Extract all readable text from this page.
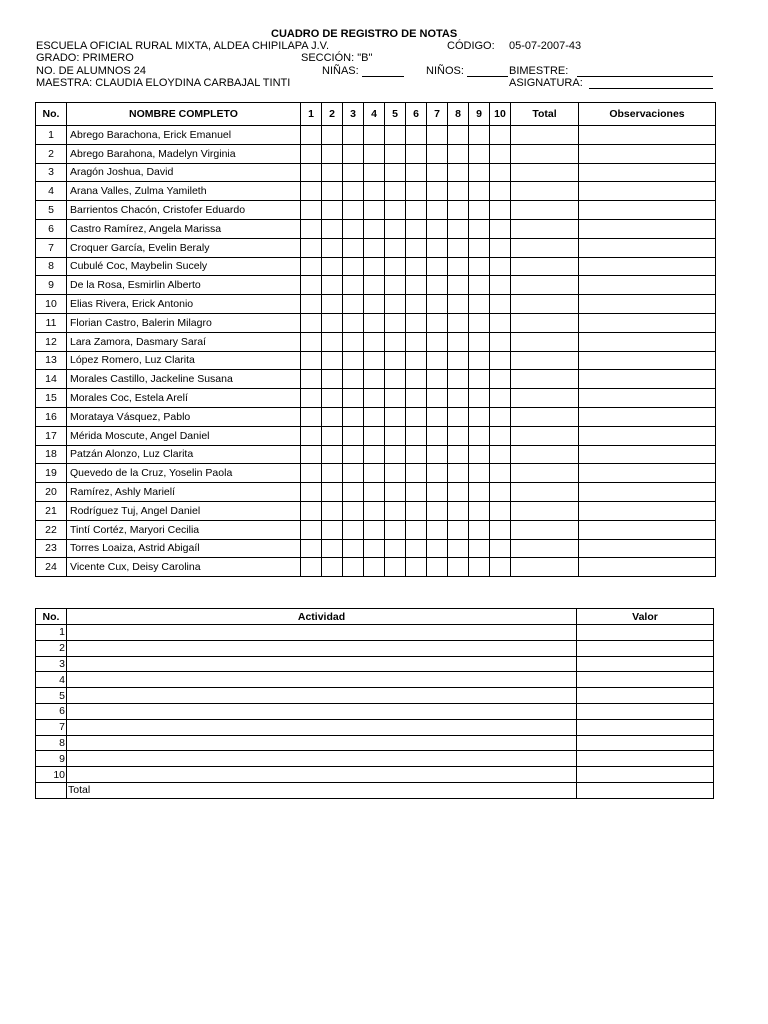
CUADRO DE REGISTRO DE NOTAS
ESCUELA OFICIAL RURAL MIXTA, ALDEA CHIPILAPA J.V.	CÓDIGO: 05-07-2007-43
GRADO: PRIMERO	SECCIÓN: "B"
NO. DE ALUMNOS 24	NIÑAS:	NIÑOS:	BIMESTRE:
MAESTRA: CLAUDIA ELOYDINA CARBAJAL TINTI	ASIGNATURA:
No.	NOMBRE COMPLETO	1	2	3	4	5	6	7	8	9	10	Total	Observaciones
1	Abrego Barachona, Erick Emanuel												
2	Abrego Barahona, Madelyn Virginia												
3	Aragón Joshua, David												
4	Arana Valles, Zulma Yamileth												
5	Barrientos Chacón, Cristofer Eduardo												
6	Castro Ramírez, Angela Marissa												
7	Croquer García, Evelin Beraly												
8	Cubulé Coc, Maybelin Sucely												
9	De la Rosa, Esmirlin Alberto												
10	Elias Rivera, Erick Antonio												
11	Florian Castro, Balerin Milagro												
12	Lara Zamora, Dasmary Saraí												
13	López Romero, Luz Clarita												
14	Morales Castillo, Jackeline Susana												
15	Morales Coc, Estela Arelí												
16	Morataya Vásquez, Pablo												
17	Mérida Moscute, Angel Daniel												
18	Patzán Alonzo, Luz Clarita												
19	Quevedo de la Cruz, Yoselin Paola												
20	Ramírez, Ashly Marielí												
21	Rodríguez Tuj, Angel Daniel												
22	Tintí Cortéz, Maryori Cecilia												
23	Torres Loaiza, Astrid Abigaíl												
24	Vicente Cux, Deisy Carolina												
No.	Actividad	Valor
1		
2		
3		
4		
5		
6		
7		
8		
9		
10		
	Total	
